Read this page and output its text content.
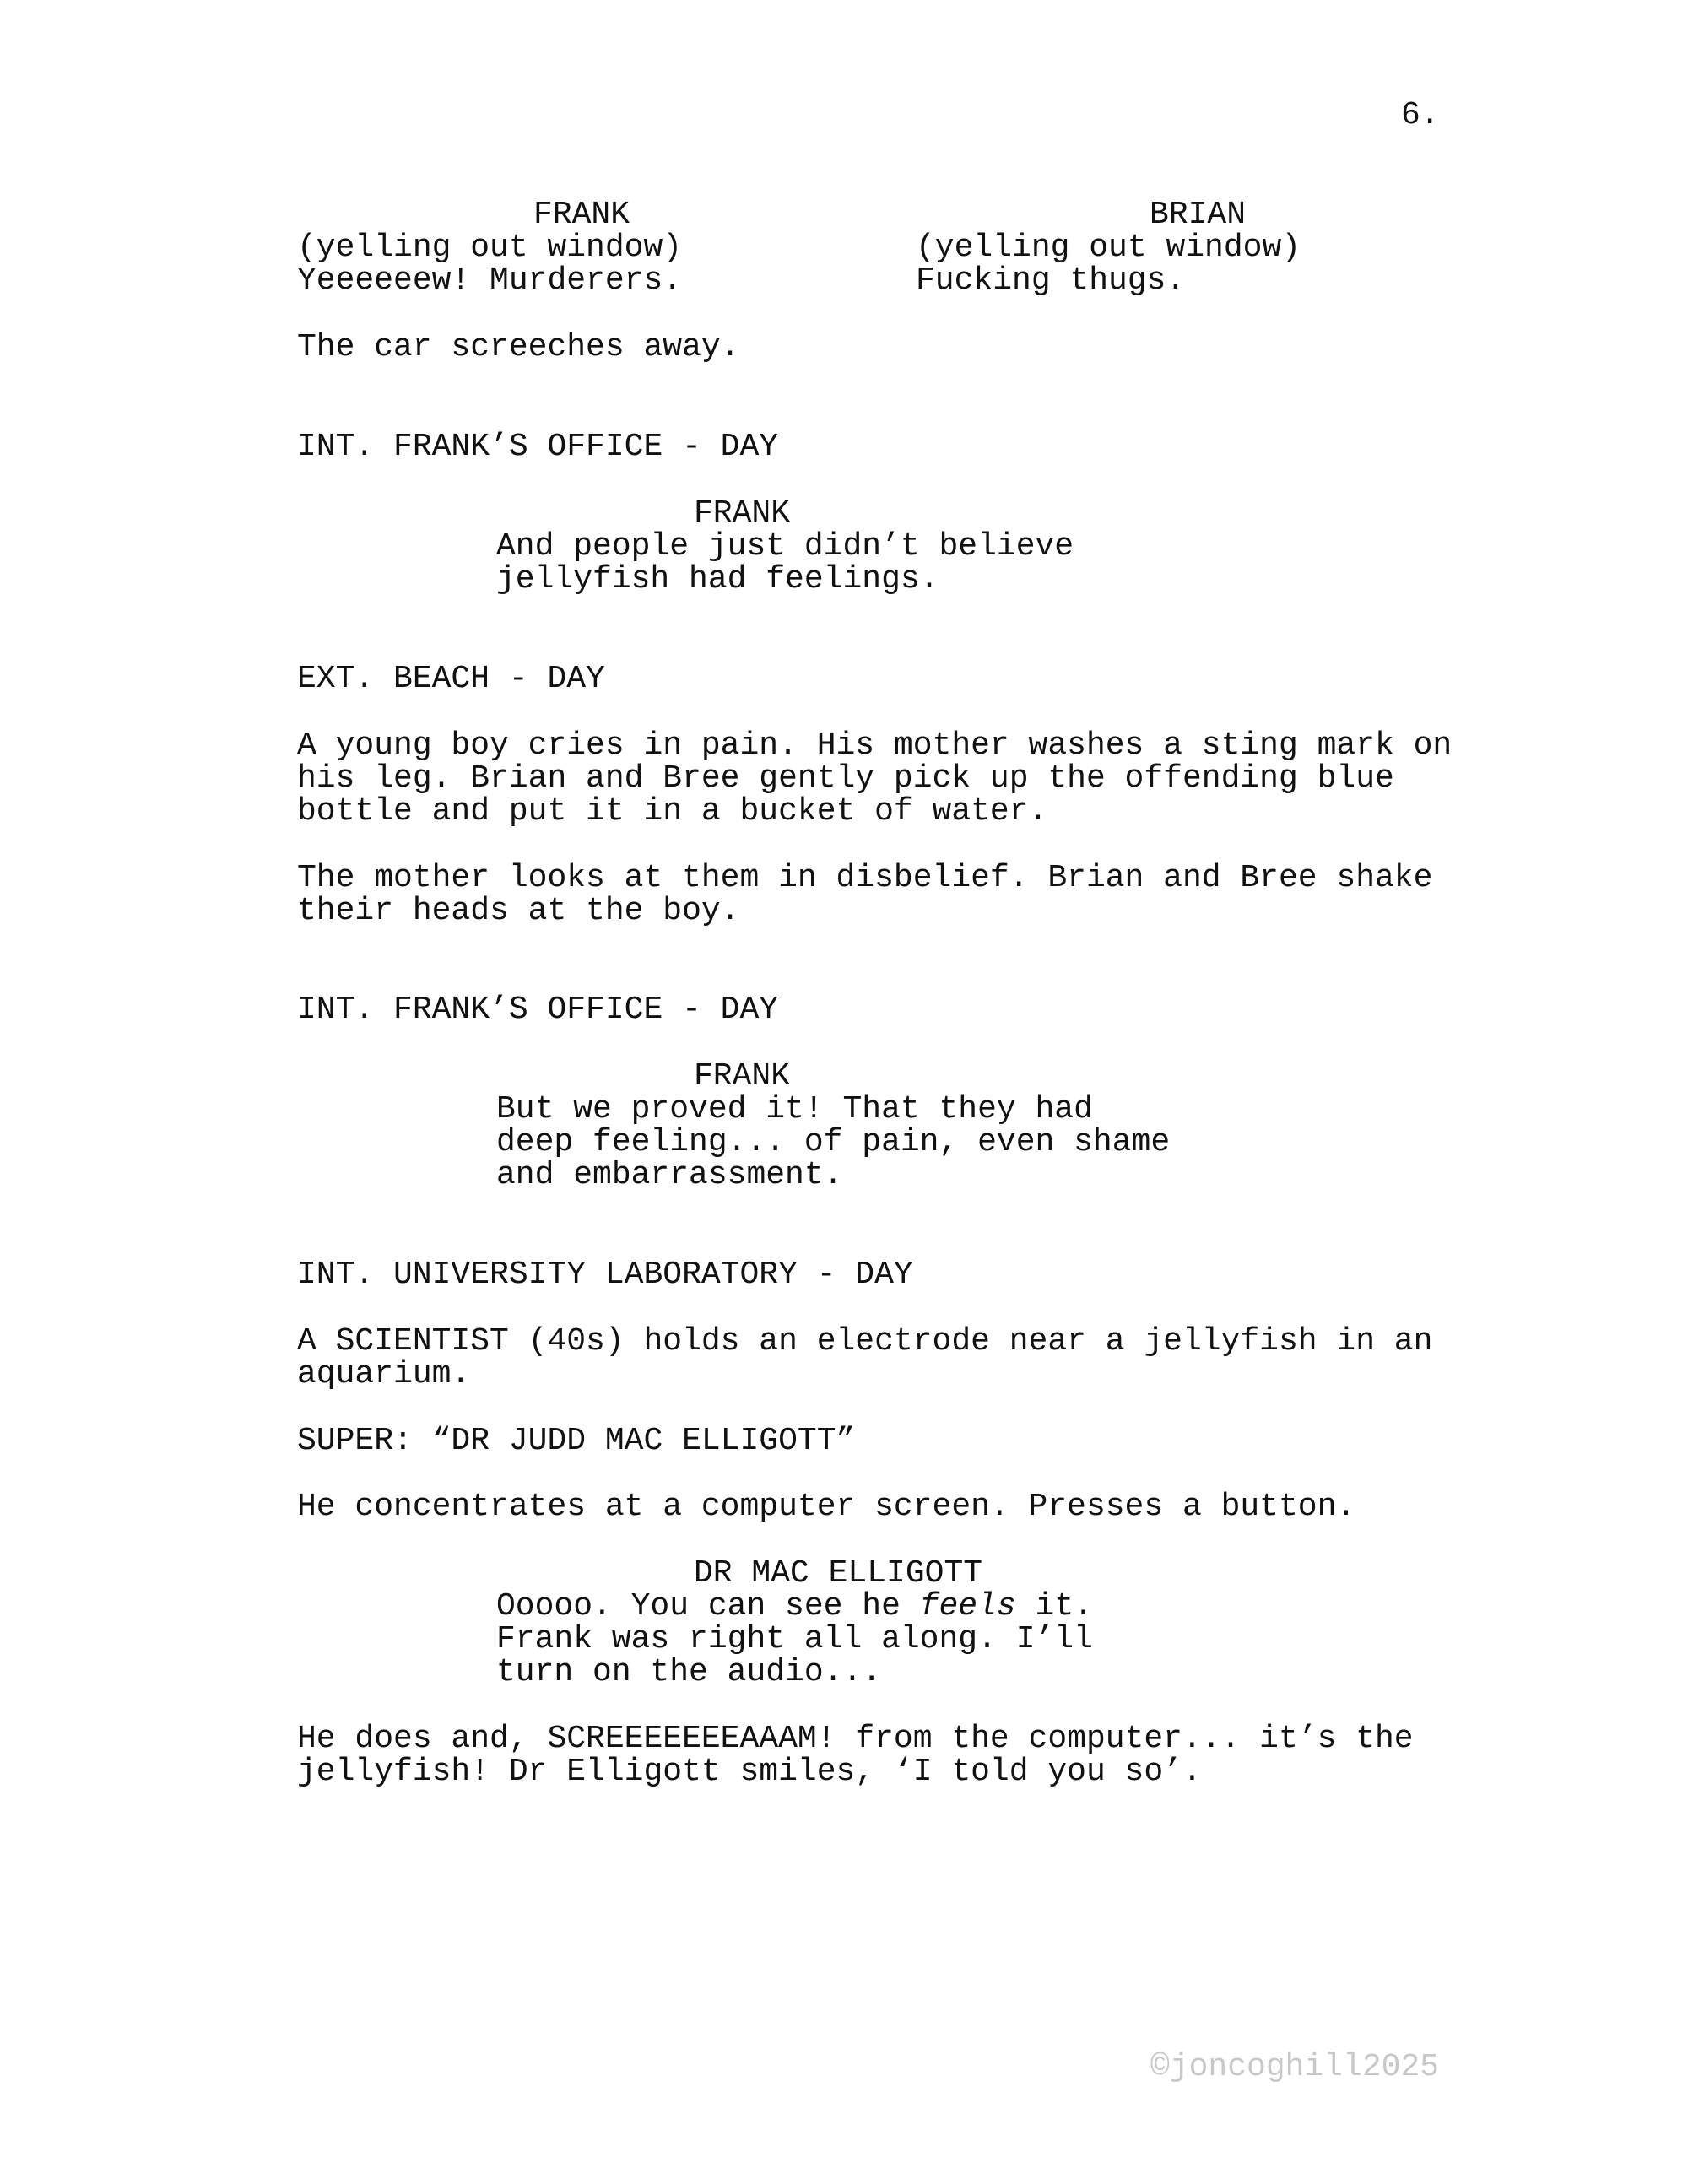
6.
FRANK	BRIAN
(yelling out window)	(yelling out window)
Yeeeeeew! Murderers.	Fucking thugs.
The car screeches away.
INT. FRANK’S OFFICE - DAY
FRANK
And people just didn’t believe
jellyfish had feelings.
EXT. BEACH - DAY
A young boy cries in pain. His mother washes a sting mark on
his leg. Brian and Bree gently pick up the offending blue
bottle and put it in a bucket of water.
The mother looks at them in disbelief. Brian and Bree shake
their heads at the boy.
INT. FRANK’S OFFICE - DAY
FRANK
But we proved it! That they had
deep feeling... of pain, even shame
and embarrassment.
INT. UNIVERSITY LABORATORY - DAY
A SCIENTIST (40s) holds an electrode near a jellyfish in an
aquarium.
SUPER: “DR JUDD MAC ELLIGOTT”
He concentrates at a computer screen. Presses a button.
DR MAC ELLIGOTT
Ooooo. You can see he feels it.
Frank was right all along. I’ll
turn on the audio...
He does and, SCREEEEEEEAAAM! from the computer... it’s the
jellyfish! Dr Elligott smiles, ‘I told you so’.
©joncoghill2025
